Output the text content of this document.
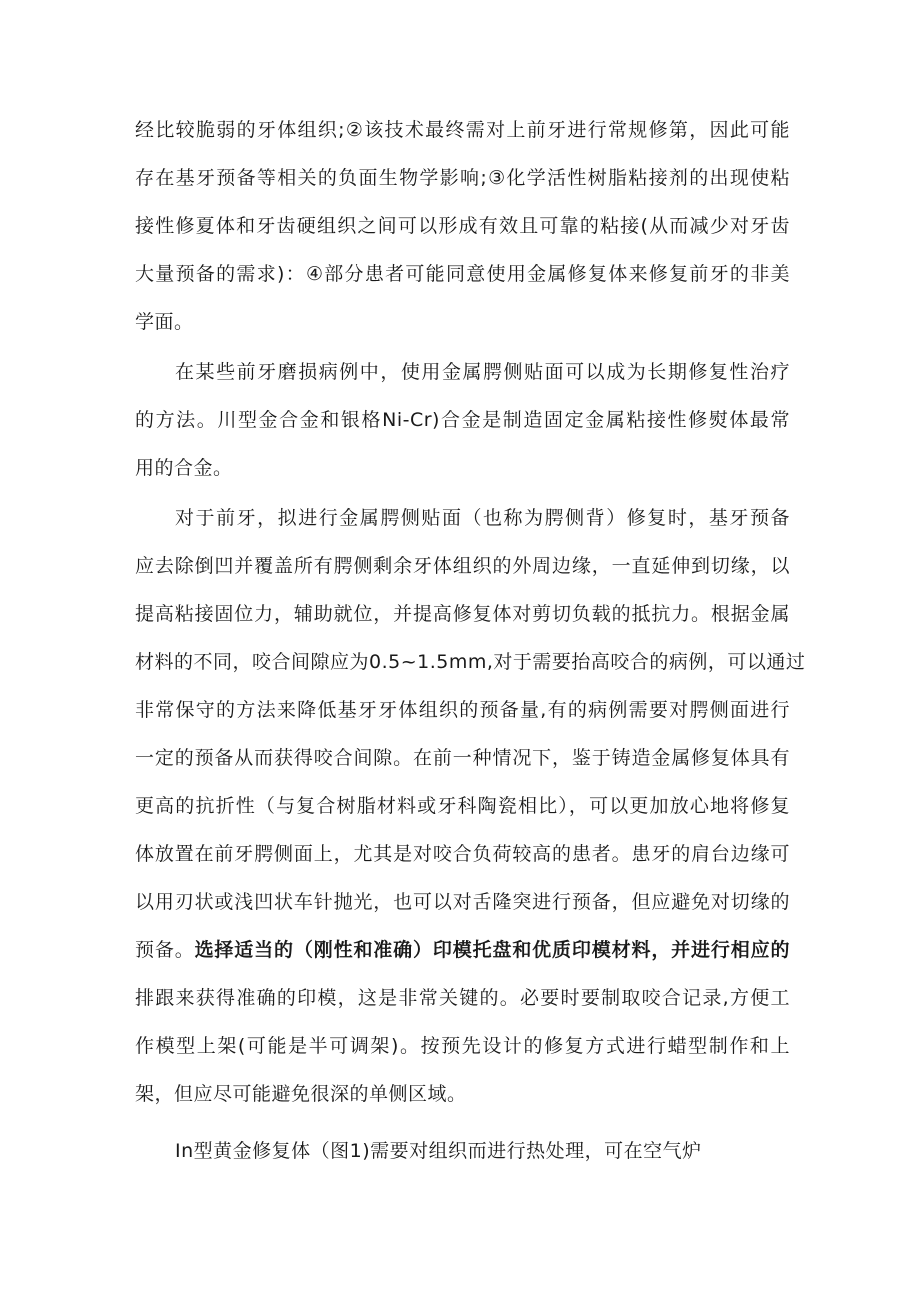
经比较脆弱的牙体组织;②该技术最终需对上前牙进行常规修第，因此可能
存在基牙预备等相关的负面生物学影响;③化学活性树脂粘接剂的出现使粘
接性修夏体和牙齿硬组织之间可以形成有效且可靠的粘接(从而减少对牙齿
大量预备的需求)：④部分患者可能同意使用金属修复体来修复前牙的非美
学面。
在某些前牙磨损病例中，使用金属腭侧贴面可以成为长期修复性治疗
的方法。川型金合金和银格Ni-Cr)合金是制造固定金属粘接性修熨体最常
用的合金。
对于前牙，拟进行金属腭侧贴面（也称为腭侧背）修复时，基牙预备
应去除倒凹并覆盖所有腭侧剩余牙体组织的外周边缘，一直延伸到切缘，以
提高粘接固位力，辅助就位，并提高修复体对剪切负载的抵抗力。根据金属
材料的不同，咬合间隙应为0.5~1.5mm,对于需要抬高咬合的病例，可以通过
非常保守的方法来降低基牙牙体组织的预备量,有的病例需要对腭侧面进行
一定的预备从而获得咬合间隙。在前一种情况下，鉴于铸造金属修复体具有
更高的抗折性（与复合树脂材料或牙科陶瓷相比），可以更加放心地将修复
体放置在前牙腭侧面上，尤其是对咬合负荷较高的患者。患牙的肩台边缘可
以用刃状或浅凹状车针抛光，也可以对舌隆突进行预备，但应避免对切缘的
预备。选择适当的（刚性和准确）印模托盘和优质印模材料，并进行相应的
排跟来获得准确的印模，这是非常关键的。必要时要制取咬合记录,方便工
作模型上架(可能是半可调架)。按预先设计的修复方式进行蜡型制作和上
架，但应尽可能避免很深的单侧区域。
In型黄金修复体（图1)需要对组织而进行热处理，可在空气炉
